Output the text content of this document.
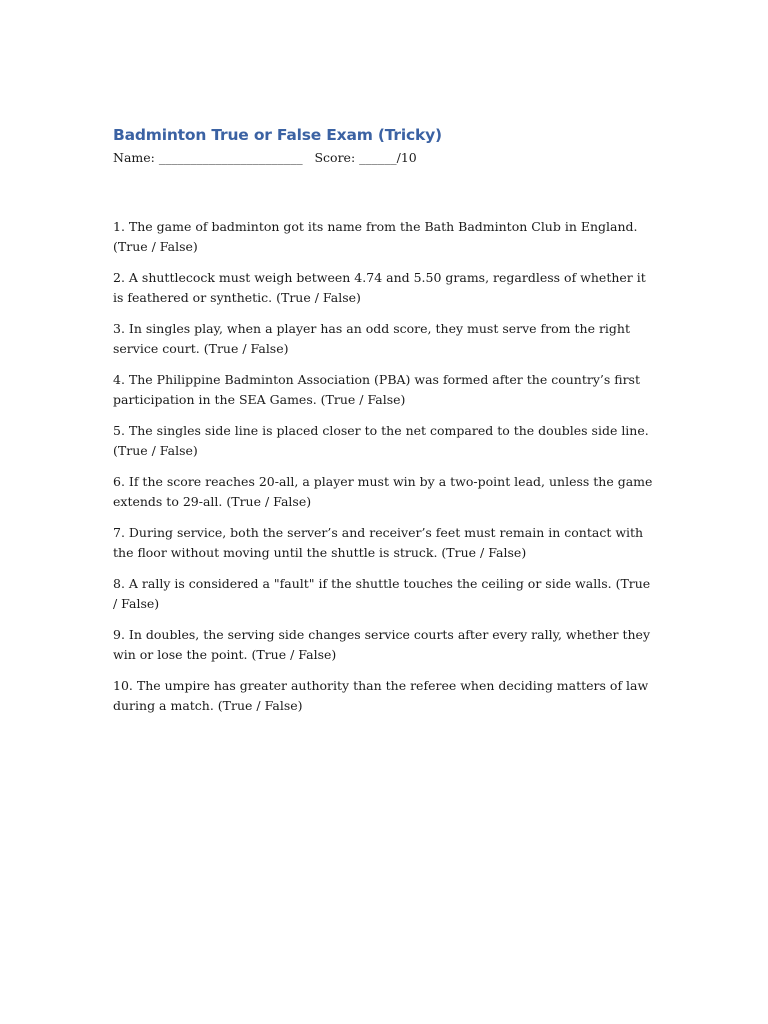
Badminton True or False Exam (Tricky)
Name: _______________________   Score: ______/10

1. The game of badminton got its name from the Bath Badminton Club in England. (True / False)

2. A shuttlecock must weigh between 4.74 and 5.50 grams, regardless of whether it is feathered or synthetic. (True / False)

3. In singles play, when a player has an odd score, they must serve from the right service court. (True / False)

4. The Philippine Badminton Association (PBA) was formed after the country’s first participation in the SEA Games. (True / False)

5. The singles side line is placed closer to the net compared to the doubles side line. (True / False)

6. If the score reaches 20-all, a player must win by a two-point lead, unless the game extends to 29-all. (True / False)

7. During service, both the server’s and receiver’s feet must remain in contact with the floor without moving until the shuttle is struck. (True / False)

8. A rally is considered a "fault" if the shuttle touches the ceiling or side walls. (True / False)

9. In doubles, the serving side changes service courts after every rally, whether they win or lose the point. (True / False)

10. The umpire has greater authority than the referee when deciding matters of law during a match. (True / False)
